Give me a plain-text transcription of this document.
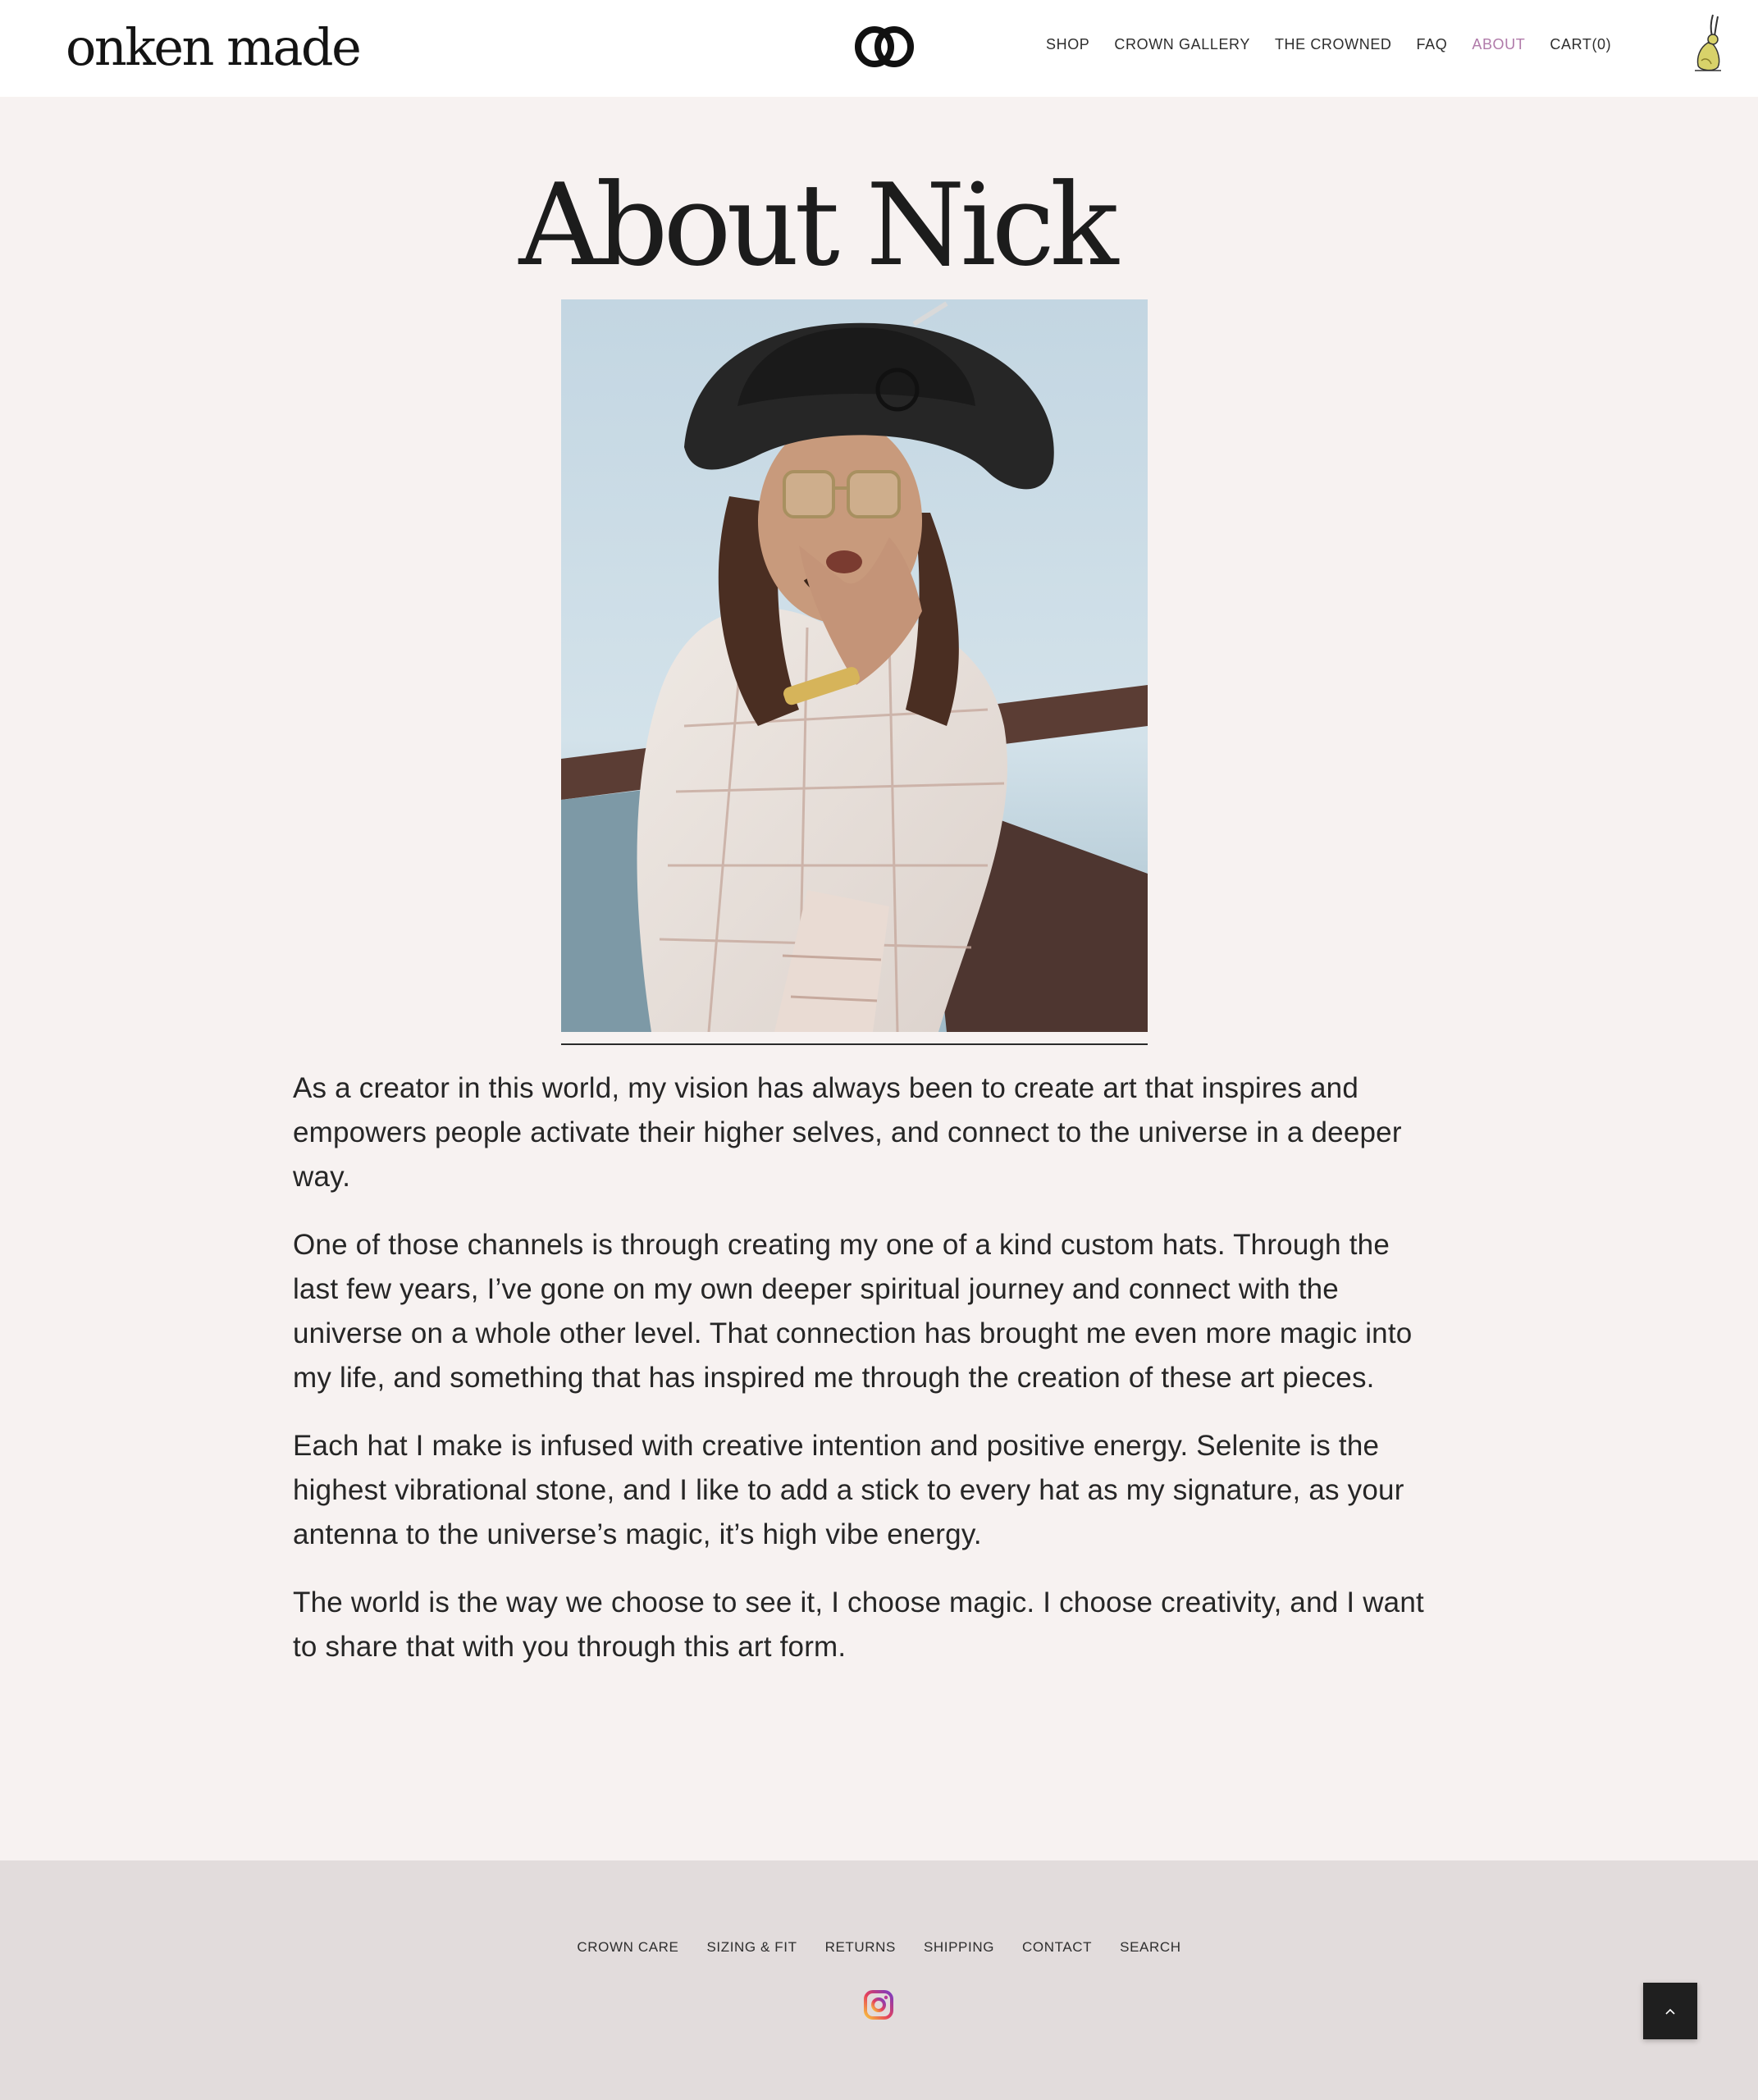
onken made	SHOP CROWN GALLERY THE CROWNED FAQ ABOUT CART(0)
About Nick

As a creator in this world, my vision has always been to create art that inspires and empowers people activate their higher selves, and connect to the universe in a deeper way.

One of those channels is through creating my one of a kind custom hats. Through the last few years, I’ve gone on my own deeper spiritual journey and connect with the universe on a whole other level. That connection has brought me even more magic into my life, and something that has inspired me through the creation of these art pieces.

Each hat I make is infused with creative intention and positive energy. Selenite is the highest vibrational stone, and I like to add a stick to every hat as my signature, as your antenna to the universe’s magic, it’s high vibe energy.

The world is the way we choose to see it, I choose magic. I choose creativity, and I want to share that with you through this art form.

CROWN CARE SIZING & FIT RETURNS SHIPPING CONTACT SEARCH
